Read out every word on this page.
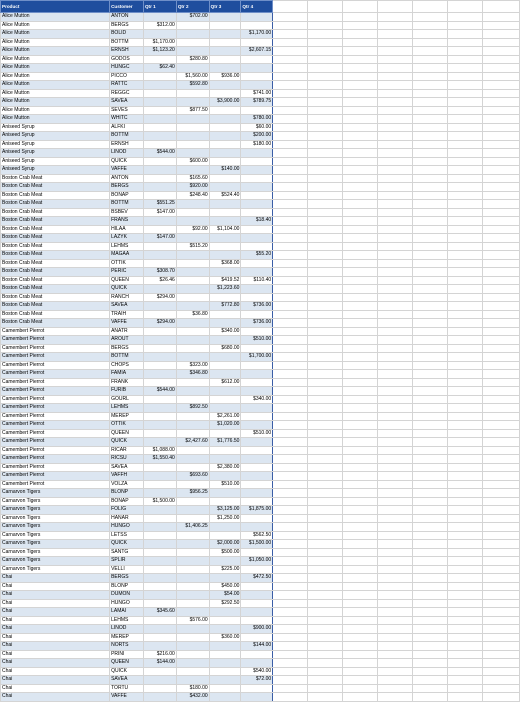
Product	Customer	Qtr 1	Qtr 2	Qtr 3	Qtr 4							
Alice Mutton	ANTON		$702.00									
Alice Mutton	BERGS	$312.00										
Alice Mutton	BOLID				$1,170.00							
Alice Mutton	BOTTM	$1,170.00										
Alice Mutton	ERNSH	$1,123.20			$2,607.15							
Alice Mutton	GODOS		$280.80									
Alice Mutton	HUNGC	$62.40										
Alice Mutton	PICCO		$1,560.00	$936.00								
Alice Mutton	RATTC		$592.80									
Alice Mutton	REGGC				$741.00							
Alice Mutton	SAVEA			$3,900.00	$789.75							
Alice Mutton	SEVES		$877.50									
Alice Mutton	WHITC				$780.00							
Aniseed Syrup	ALFKI				$60.00							
Aniseed Syrup	BOTTM				$200.00							
Aniseed Syrup	ERNSH				$180.00							
Aniseed Syrup	LINOD	$544.00										
Aniseed Syrup	QUICK		$600.00									
Aniseed Syrup	VAFFE			$140.00								
Boston Crab Meat	ANTON		$165.60									
Boston Crab Meat	BERGS		$920.00									
Boston Crab Meat	BONAP		$248.40	$524.40								
Boston Crab Meat	BOTTM	$551.25										
Boston Crab Meat	BSBEV	$147.00										
Boston Crab Meat	FRANS				$18.40							
Boston Crab Meat	HILAA		$92.00	$1,104.00								
Boston Crab Meat	LAZYK	$147.00										
Boston Crab Meat	LEHMS		$515.20									
Boston Crab Meat	MAGAA				$55.20							
Boston Crab Meat	OTTIK			$368.00								
Boston Crab Meat	PERIC	$308.70										
Boston Crab Meat	QUEEN	$26.46		$419.52	$110.40							
Boston Crab Meat	QUICK			$1,223.60								
Boston Crab Meat	RANCH	$294.00										
Boston Crab Meat	SAVEA			$772.80	$736.00							
Boston Crab Meat	TRAIH		$36.80									
Boston Crab Meat	VAFFE	$294.00			$736.00							
Camembert Pierrot	ANATR			$340.00								
Camembert Pierrot	AROUT				$510.00							
Camembert Pierrot	BERGS			$680.00								
Camembert Pierrot	BOTTM				$1,700.00							
Camembert Pierrot	CHOPS		$323.00									
Camembert Pierrot	FAMIA		$346.80									
Camembert Pierrot	FRANK			$612.00								
Camembert Pierrot	FURIB	$544.00										
Camembert Pierrot	GOURL				$340.00							
Camembert Pierrot	LEHMS		$892.50									
Camembert Pierrot	MEREP			$2,261.00								
Camembert Pierrot	OTTIK			$1,020.00								
Camembert Pierrot	QUEEN				$510.00							
Camembert Pierrot	QUICK		$2,427.60	$1,776.50								
Camembert Pierrot	RICAR	$1,088.00										
Camembert Pierrot	RICSU	$1,550.40										
Camembert Pierrot	SAVEA			$2,380.00								
Camembert Pierrot	VAFFH		$693.60									
Camembert Pierrot	VOLZA			$510.00								
Carnarvon Tigers	BLONP		$956.25									
Carnarvon Tigers	BONAP	$1,500.00										
Carnarvon Tigers	FOLIG			$3,125.00	$1,875.00							
Carnarvon Tigers	HANAR			$1,250.00								
Carnarvon Tigers	HUNGO		$1,406.25									
Carnarvon Tigers	LETSS				$562.50							
Carnarvon Tigers	QUICK			$2,000.00	$1,500.00							
Carnarvon Tigers	SANTG			$500.00								
Carnarvon Tigers	SPLIR				$1,050.00							
Carnarvon Tigers	VELLI			$225.00								
Chai	BERGS				$472.50							
Chai	BLONP			$450.00								
Chai	DUMON			$54.00								
Chai	HUNGO			$292.50								
Chai	LAMAI	$345.60										
Chai	LEHMS		$576.00									
Chai	LINOD				$900.00							
Chai	MEREP			$360.00								
Chai	NORTS				$144.00							
Chai	PRINI	$216.00										
Chai	QUEEN	$144.00										
Chai	QUICK				$540.00							
Chai	SAVEA				$72.00							
Chai	TORTU		$180.00									
Chai	VAFFE		$432.00									
